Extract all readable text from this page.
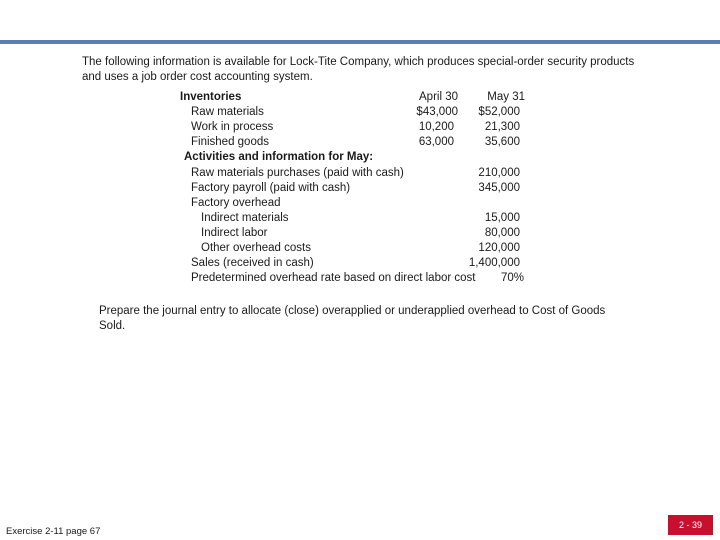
The following information is available for Lock-Tite Company, which produces special-order security products and uses a job order cost accounting system.
Inventories	April 30	May 31
Raw materials	$43,000	$52,000
Work in process	10,200	21,300
Finished goods	63,000	35,600
Activities and information for May:
Raw materials purchases (paid with cash)	210,000
Factory payroll (paid with cash)	345,000
Factory overhead
Indirect materials	15,000
Indirect labor	80,000
Other overhead costs	120,000
Sales (received in cash)	1,400,000
Predetermined overhead rate based on direct labor cost	70%
Prepare the journal entry to allocate (close) overapplied or underapplied overhead to Cost of Goods Sold.
Exercise 2-11 page 67
2 - 39
